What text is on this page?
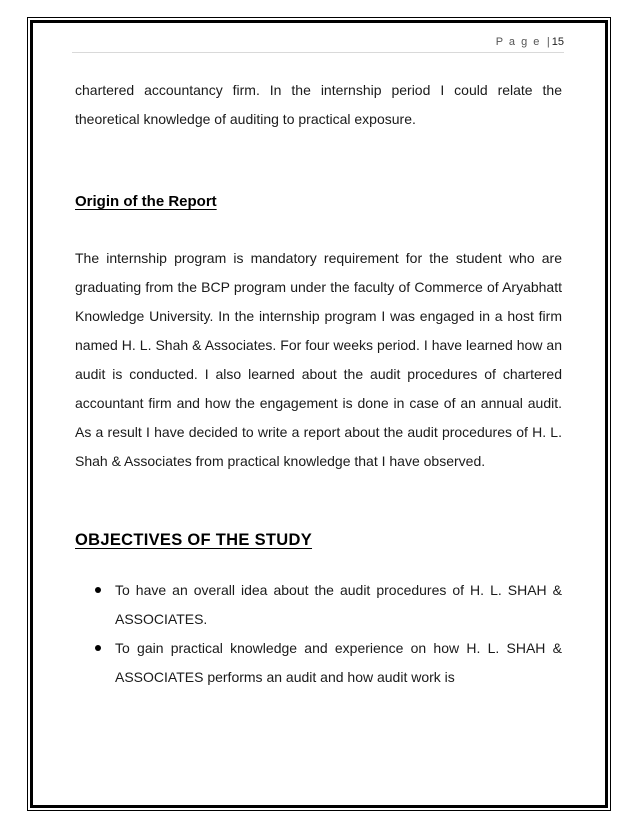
P a g e | 15

chartered accountancy firm. In the internship period I could relate the theoretical knowledge of auditing to practical exposure.

Origin of the Report

The internship program is mandatory requirement for the student who are graduating from the BCP program under the faculty of Commerce of Aryabhatt Knowledge University. In the internship program I was engaged in a host firm named H. L. Shah & Associates. For four weeks period. I have learned how an audit is conducted. I also learned about the audit procedures of chartered accountant firm and how the engagement is done in case of an annual audit. As a result I have decided to write a report about the audit procedures of H. L. Shah & Associates from practical knowledge that I have observed.

OBJECTIVES OF THE STUDY
To have an overall idea about the audit procedures of H. L. SHAH & ASSOCIATES.
To gain practical knowledge and experience on how H. L. SHAH & ASSOCIATES performs an audit and how audit work is
